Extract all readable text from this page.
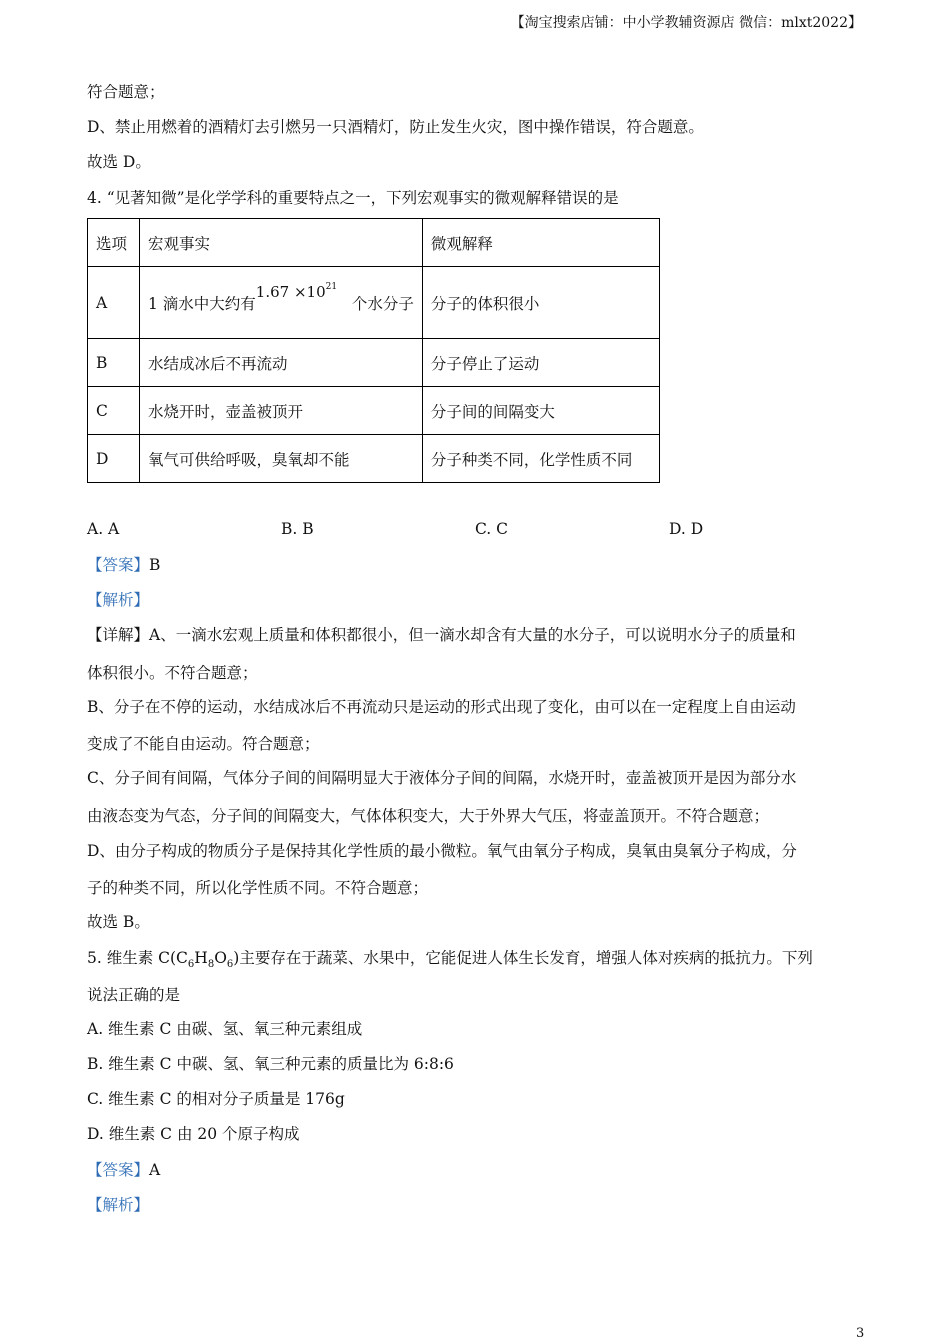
【淘宝搜索店铺：中小学教辅资源店 微信：mlxt2022】
符合题意；
D、禁止用燃着的酒精灯去引燃另一只酒精灯，防止发生火灾，图中操作错误，符合题意。
故选 D。
4. “见著知微”是化学学科的重要特点之一，下列宏观事实的微观解释错误的是
选项	宏观事实	微观解释
A	1 滴水中大约有$1.67 \times 10^{21}$   个水分子	分子的体积很小
B	水结成冰后不再流动	分子停止了运动
C	水烧开时，壶盖被顶开	分子间的间隔变大
D	氧气可供给呼吸，臭氧却不能	分子种类不同，化学性质不同
A. A	B. B	C. C	D. D
【答案】B
【解析】
【详解】A、一滴水宏观上质量和体积都很小，但一滴水却含有大量的水分子，可以说明水分子的质量和
体积很小。不符合题意；
B、分子在不停的运动，水结成冰后不再流动只是运动的形式出现了变化，由可以在一定程度上自由运动
变成了不能自由运动。符合题意；
C、分子间有间隔，气体分子间的间隔明显大于液体分子间的间隔，水烧开时，壶盖被顶开是因为部分水
由液态变为气态，分子间的间隔变大，气体体积变大，大于外界大气压，将壶盖顶开。不符合题意；
D、由分子构成的物质分子是保持其化学性质的最小微粒。氧气由氧分子构成，臭氧由臭氧分子构成，分
子的种类不同，所以化学性质不同。不符合题意；
故选 B。
5. 维生素 $C(C_6H_8O_6)$主要存在于蔬菜、水果中，它能促进人体生长发育，增强人体对疾病的抵抗力。下列
说法正确的是
A. 维生素 C 由碳、氢、氧三种元素组成
B. 维生素 C 中碳、氢、氧三种元素的质量比为 6:8:6
C. 维生素 C 的相对分子质量是 176g
D. 维生素 C 由 20 个原子构成
【答案】A
【解析】
3
